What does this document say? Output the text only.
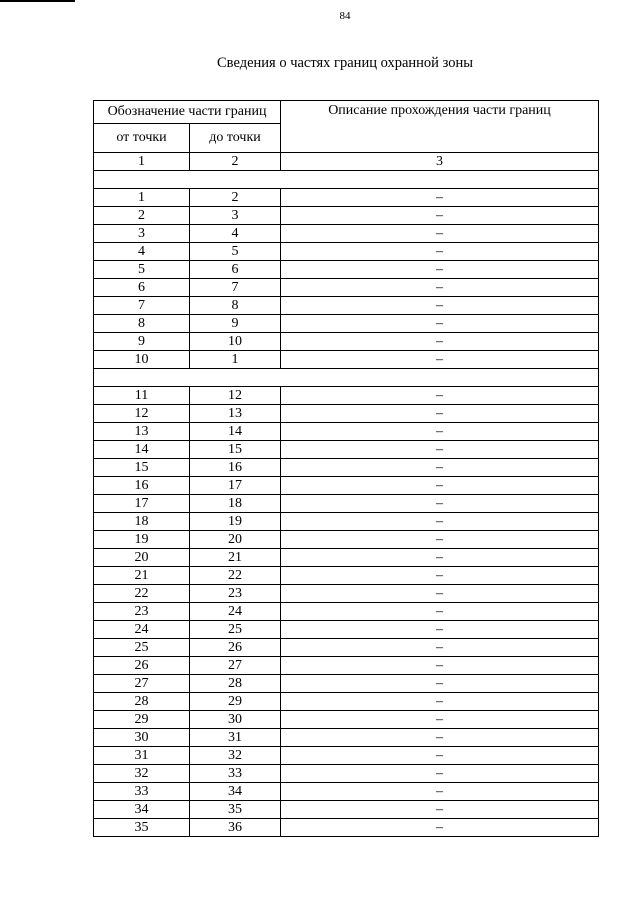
84
Сведения о частях границ охранной зоны
Обозначение части границ		Описание прохождения части границ
от точки	до точки	
1	2	3

1	2	–
2	3	–
3	4	–
4	5	–
5	6	–
6	7	–
7	8	–
8	9	–
9	10	–
10	1	–

11	12	–
12	13	–
13	14	–
14	15	–
15	16	–
16	17	–
17	18	–
18	19	–
19	20	–
20	21	–
21	22	–
22	23	–
23	24	–
24	25	–
25	26	–
26	27	–
27	28	–
28	29	–
29	30	–
30	31	–
31	32	–
32	33	–
33	34	–
34	35	–
35	36	–
